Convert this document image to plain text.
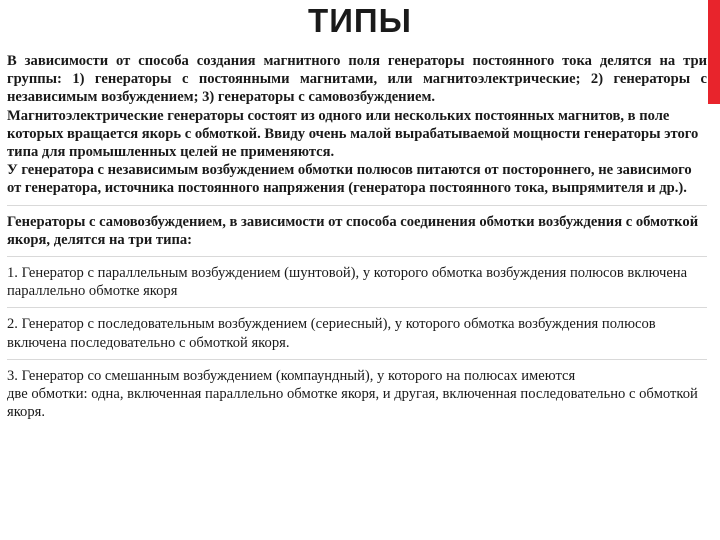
ТИПЫ

В зависимости от способа создания магнитного поля генераторы постоянного тока делятся на три группы: 1) генераторы с постоянными магнитами, или магнитоэлектрические; 2) генераторы с независимым возбуждением; 3) генераторы с самовозбуждением.

Магнитоэлектрические генераторы состоят из одного или нескольких постоянных магнитов, в поле которых вращается якорь с обмоткой. Ввиду очень малой вырабатываемой мощности генераторы этого типа для промышленных целей не применяются.

У генератора с независимым возбуждением обмотки полюсов питаются от постороннего, не зависимого от генератора, источника постоянного напряжения (генератора постоянного тока, выпрямителя и др.).

Генераторы с самовозбуждением, в зависимости от способа соединения обмотки возбуждения с обмоткой якоря, делятся на три типа:

1. Генератор с параллельным возбуждением (шунтовой), у которого обмотка возбуждения полюсов включена параллельно обмотке якоря

2. Генератор с последовательным возбуждением (сериесный), у которого обмотка возбуждения полюсов включена последовательно с обмоткой якоря.

3. Генератор со смешанным возбуждением (компаундный), у которого на полюсах имеются
две обмотки: одна, включенная параллельно обмотке якоря, и другая, включенная последовательно с обмоткой якоря.
